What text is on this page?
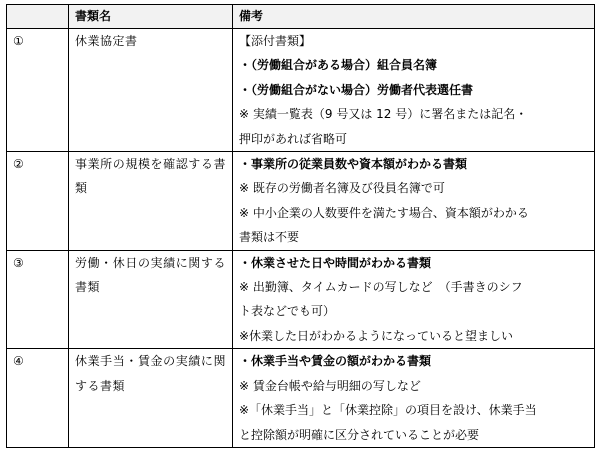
	書類名	備考
①	休業協定書	【添付書類】

・（労働組合がある場合）組合員名簿

・（労働組合がない場合）労働者代表選任書

※ 実績一覧表（9 号又は 12 号）に署名または記名・

押印があれば省略可

②	事業所の規模を確認する書類	・事業所の従業員数や資本額がわかる書類

※ 既存の労働者名簿及び役員名簿で可

※ 中小企業の人数要件を満たす場合、資本額がわかる

書類は不要

③	労働・休日の実績に関する書類	・休業させた日や時間がわかる書類

※ 出勤簿、タイムカードの写しなど　（手書きのシフ

ト表などでも可）

※休業した日がわかるようになっていると望ましい

④	休業手当・賃金の実績に関する書類	・休業手当や賃金の額がわかる書類

※ 賃金台帳や給与明細の写しなど

※「休業手当」と「休業控除」の項目を設け、休業手当

と控除額が明確に区分されていることが必要
